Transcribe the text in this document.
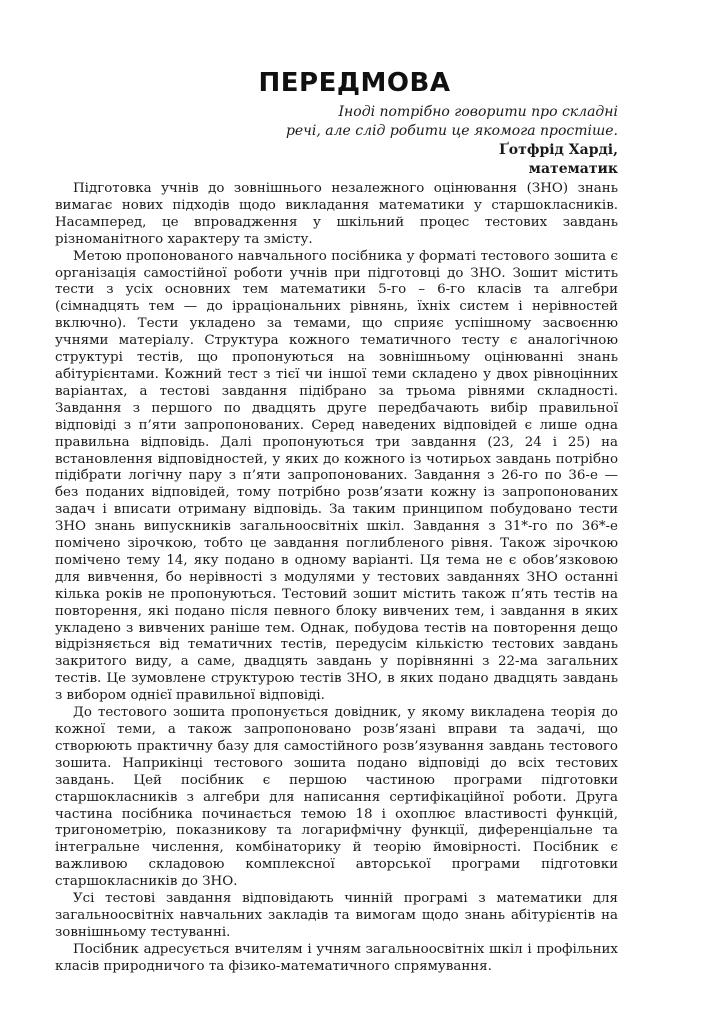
ПЕРЕДМОВА
Іноді потрібно говорити про складні
речі, але слід робити це якомога простіше.
Ґотфрід Харді,
математик

Підготовка учнів до зовнішнього незалежного оцінювання (ЗНО) знань вимагає нових підходів щодо викладання математики у старшокласників. Насамперед, це впровадження у шкільний процес тестових завдань різноманітного характеру та змісту.

Метою пропонованого навчального посібника у форматі тестового зошита є організація самостійної роботи учнів при підготовці до ЗНО. Зошит містить тести з усіх основних тем математики 5-го – 6-го класів та алгебри (сімнадцять тем — до ірраціональних рівнянь, їхніх систем і нерівностей включно). Тести укладено за темами, що сприяє успішному засвоєнню учнями матеріалу. Структура кожного тематичного тесту є аналогічною структурі тестів, що пропонуються на зовнішньому оцінюванні знань абітурієнтами. Кожний тест з тієї чи іншої теми складено у двох рівноцінних варіантах, а тестові завдання підібрано за трьома рівнями складності. Завдання з першого по двадцять друге передбачають вибір правильної відповіді з п’яти запропонованих. Серед наведених відповідей є лише одна правильна відповідь. Далі пропонуються три завдання (23, 24 і 25) на встановлення відповідностей, у яких до кожного із чотирьох завдань потрібно підібрати логічну пару з п’яти запропонованих. Завдання з 26-го по 36-е — без поданих відповідей, тому потрібно розв’язати кожну із запропонованих задач і вписати отриману відповідь. За таким принципом побудовано тести ЗНО знань випускників загальноосвітніх шкіл. Завдання з 31*-го по 36*-е помічено зірочкою, тобто це завдання поглибленого рівня. Також зірочкою помічено тему 14, яку подано в одному варіанті. Ця тема не є обов’язковою для вивчення, бо нерівності з модулями у тестових завданнях ЗНО останні кілька років не пропонуються. Тестовий зошит містить також п’ять тестів на повторення, які подано після певного блоку вивчених тем, і завдання в яких укладено з вивчених раніше тем. Однак, побудова тестів на повторення дещо відрізняється від тематичних тестів, передусім кількістю тестових завдань закритого виду, а саме, двадцять завдань у порівнянні з 22-ма загальних тестів. Це зумовлене структурою тестів ЗНО, в яких подано двадцять завдань з вибором однієї правильної відповіді.

До тестового зошита пропонується довідник, у якому викладена теорія до кожної теми, а також запропоновано розв’язані вправи та задачі, що створюють практичну базу для самостійного розв’язування завдань тестового зошита. Наприкінці тестового зошита подано відповіді до всіх тестових завдань. Цей посібник є першою частиною програми підготовки старшокласників з алгебри для написання сертифікаційної роботи. Друга частина посібника починається темою 18 і охоплює властивості функцій, тригонометрію, показникову та логарифмічну функції, диференціальне та інтегральне числення, комбінаторику й теорію ймовірності. Посібник є важливою складовою комплексної авторської програми підготовки старшокласників до ЗНО.

Усі тестові завдання відповідають чинній програмі з математики для загальноосвітніх навчальних закладів та вимогам щодо знань абітурієнтів на зовнішньому тестуванні.

Посібник адресується вчителям і учням загальноосвітніх шкіл і профільних класів природничого та фізико-математичного спрямування.
